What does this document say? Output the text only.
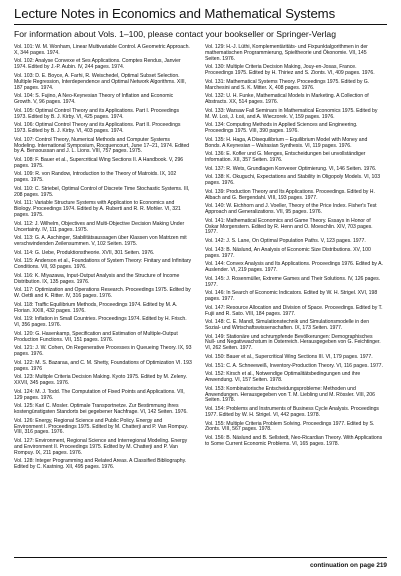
Lecture Notes in Economics and Mathematical Systems

For information about Vols. 1–100, please contact your bookseller or Springer-Verlag

Vol. 101: W. M. Wonham, Linear Multivariable Control. A Geometric Approach. X, 344 pages. 1974.

Vol. 102: Analyse Convexe et Ses Applications. Comptes Rendus, Janvier 1974. Edited by J.-P. Aubin. IV, 244 pages. 1974.

Vol. 103: D. E. Boyce, A. Farhi, R. Weischedel, Optimal Subset Selection. Multiple Regression, Interdependence and Optimal Network Algorithms. XIII, 187 pages. 1974.

Vol. 104: S. Fujino, A Neo-Keynesian Theory of Inflation and Economic Growth. V, 96 pages. 1974.

Vol. 105: Optimal Control Theory and its Applications. Part I. Proceedings 1973. Edited by B. J. Kirby. VI, 425 pages. 1974.

Vol. 106: Optimal Control Theory and its Applications. Part II. Proceedings 1973. Edited by B. J. Kirby. VI, 403 pages. 1974.

Vol. 107: Control Theory, Numerical Methods and Computer Systems Modeling. International Symposium, Rocquencourt, June 17–21, 1974. Edited by A. Bensoussan and J. L. Lions. VIII, 757 pages. 1975.

Vol. 108: F. Bauer et al., Supercritical Wing Sections II. A Handbook. V, 296 pages. 1975.

Vol. 109: R. von Randow, Introduction to the Theory of Matroids. IX, 102 pages. 1975.

Vol. 110: C. Striebel, Optimal Control of Discrete Time Stochastic Systems. III, 208 pages. 1975.

Vol. 111: Variable Structure Systems with Application to Economics and Biology. Proceedings 1974. Edited by A. Ruberti and R. R. Mohler. VI, 321 pages. 1975.

Vol. 112: J. Wilhelm, Objectives and Multi-Objective Decision Making Under Uncertainty. IV, 111 pages. 1975.

Vol. 113: G. A. Aschinger, Stabilitätsaussagen über Klassen von Matrizen mit verschwindenden Zeilensummen. V, 102 Seiten. 1975.

Vol. 114: G. Uebe, Produktionstheorie. XVII, 301 Seiten. 1976.

Vol. 115: Anderson et al., Foundations of System Theory: Finitary and Infinitary Conditions. VII, 93 pages. 1976.

Vol. 116: K. Miyazawa, Input-Output Analysis and the Structure of Income Distribution. IX, 135 pages. 1976.

Vol. 117: Optimization and Operations Research. Proceedings 1975. Edited by W. Oettli and K. Ritter. IV, 316 pages. 1976.

Vol. 118: Traffic Equilibrium Methods, Proceedings 1974. Edited by M. A. Florian. XXIII, 432 pages. 1976.

Vol. 119: Inflation in Small Countries. Proceedings 1974. Edited by H. Frisch. VI, 356 pages. 1976.

Vol. 120: G. Hasenkamp, Specification and Estimation of Multiple-Output Production Functions. VII, 151 pages. 1976.

Vol. 121: J. W. Cohen, On Regenerative Processes in Queueing Theory. IX, 93 pages. 1976.

Vol. 122: M. S. Bazaraa, and C. M. Shetty, Foundations of Optimization VI. 193 pages. 1976

Vol. 123: Multiple Criteria Decision Making. Kyoto 1975. Edited by M. Zeleny. XXVII, 345 pages. 1976.

Vol. 124: M. J. Todd. The Computation of Fixed Points and Applications. VII, 129 pages. 1976.

Vol. 125: Karl C. Mosler. Optimale Transportnetze. Zur Bestimmung ihres kostengünstigsten Standorts bei gegebener Nachfrage. VI, 142 Seiten. 1976.

Vol. 126: Energy, Regional Science and Public Policy. Energy and Environment I. Proceedings 1975. Edited by M. Chatterji and P. Van Rompuy. VIII, 316 pages. 1976.

Vol. 127: Environment, Regional Science and Interregional Modeling. Energy and Environment II. Proceedings 1975. Edited by M. Chatterji and P. Van Rompuy. IX, 211 pages. 1976.

Vol. 128: Integer Programming and Related Areas. A Classified Bibliography. Edited by C. Kastning. XII, 495 pages. 1976.

Vol. 129: H.-J. Lüthi, Komplementäritäts- und Fixpunktalgorithmen in der mathematischen Programmierung, Spieltheorie und Ökonomie. VII, 145 Seiten. 1976.

Vol. 130: Multiple Criteria Decision Making, Jouy-en-Josas, France. Proceedings 1975. Edited by H. Thiriez and S. Zionts. VI, 409 pages. 1976.

Vol. 131: Mathematical Systems Theory. Proceedings 1975. Edited by G. Marchesini and S. K. Mitter. X, 408 pages. 1976.

Vol. 132: U. H. Funke, Mathematical Models in Marketing. A Collection of Abstracts. XX, 514 pages. 1976.

Vol. 133: Warsaw Fall Seminars in Mathematical Economics 1975. Edited by M. W. Loś, J. Łoś, and A. Wieczorek. V, 159 pages. 1976.

Vol. 134: Computing Methods in Applied Sciences and Engineering. Proceedings 1975. VIII, 390 pages. 1976.

Vol. 135: H. Haga, A Disequilibrium – Equilibrium Model with Money and Bonds. A Keynesian – Walrasian Synthesis. VI, 119 pages. 1976.

Vol. 136: E. Kofler und G. Menges, Entscheidungen bei unvollständiger Information. XII, 357 Seiten. 1976.

Vol. 137: R. Wets, Grundlagen Konvexer Optimierung. VI, 146 Seiten. 1976.

Vol. 138: K. Okuguchi, Expectations and Stability in Oligopoly Models. VI, 103 pages. 1976.

Vol. 139: Production Theory and Its Applications. Proceedings. Edited by H. Albach and G. Bergendahl. VIII, 193 pages. 1977.

Vol. 140: W. Eichhorn and J. Voeller, Theory of the Price Index. Fisher's Test Approach and Generalizations. VII, 95 pages. 1976.

Vol. 141: Mathematical Economics and Game Theory. Essays in Honor of Oskar Morgenstern. Edited by R. Henn and O. Moeschlin. XIV, 703 pages. 1977.

Vol. 142: J. S. Lane, On Optimal Population Paths. V, 123 pages. 1977.

Vol. 143: B. Näslund, An Analysis of Economic Size Distributions. XV, 100 pages. 1977.

Vol. 144: Convex Analysis and Its Applications. Proceedings 1976. Edited by A. Auslender. VI, 219 pages. 1977.

Vol. 145: J. Rosenmüller, Extreme Games and Their Solutions. IV, 126 pages. 1977.

Vol. 146: In Search of Economic Indicators. Edited by W. H. Strigel. XVI, 198 pages. 1977.

Vol. 147: Resource Allocation and Division of Space. Proceedings. Edited by T. Fujii and R. Sato. VIII, 184 pages. 1977.

Vol. 148: C. E. Mandl, Simulationstechnik und Simulationsmodelle in den Sozial- und Wirtschaftswissenschaften. IX, 173 Seiten. 1977.

Vol. 149: Stationäre und schrumpfende Bevölkerungen: Demographisches Null- und Negativwachstum in Österreich. Herausgegeben von G. Feichtinger. VI, 262 Seiten. 1977.

Vol. 150: Bauer et al., Supercritical Wing Sections III. VI, 179 pages. 1977.

Vol. 151: C. A. Schneeweiß, Inventory-Production Theory. VI, 116 pages. 1977.

Vol. 152: Kirsch et al., Notwendige Optimalitätsbedingungen und ihre Anwendung. VI, 157 Seiten. 1978.

Vol. 153: Kombinatorische Entscheidungsprobleme: Methoden und Anwendungen. Herausgegeben von T. M. Liebling und M. Rössler. VIII, 206 Seiten. 1978.

Vol. 154: Problems and Instruments of Business Cycle Analysis. Proceedings 1977. Edited by W. H. Strigel. VI, 442 pages. 1978.

Vol. 155: Multiple Criteria Problem Solving. Proceedings 1977. Edited by S. Zionts. VIII, 567 pages. 1978.

Vol. 156: B. Näslund and B. Sellstedt, Neo-Ricardian Theory. With Applications to Some Current Economic Problems. VI, 165 pages. 1978.

continuation on page 219
